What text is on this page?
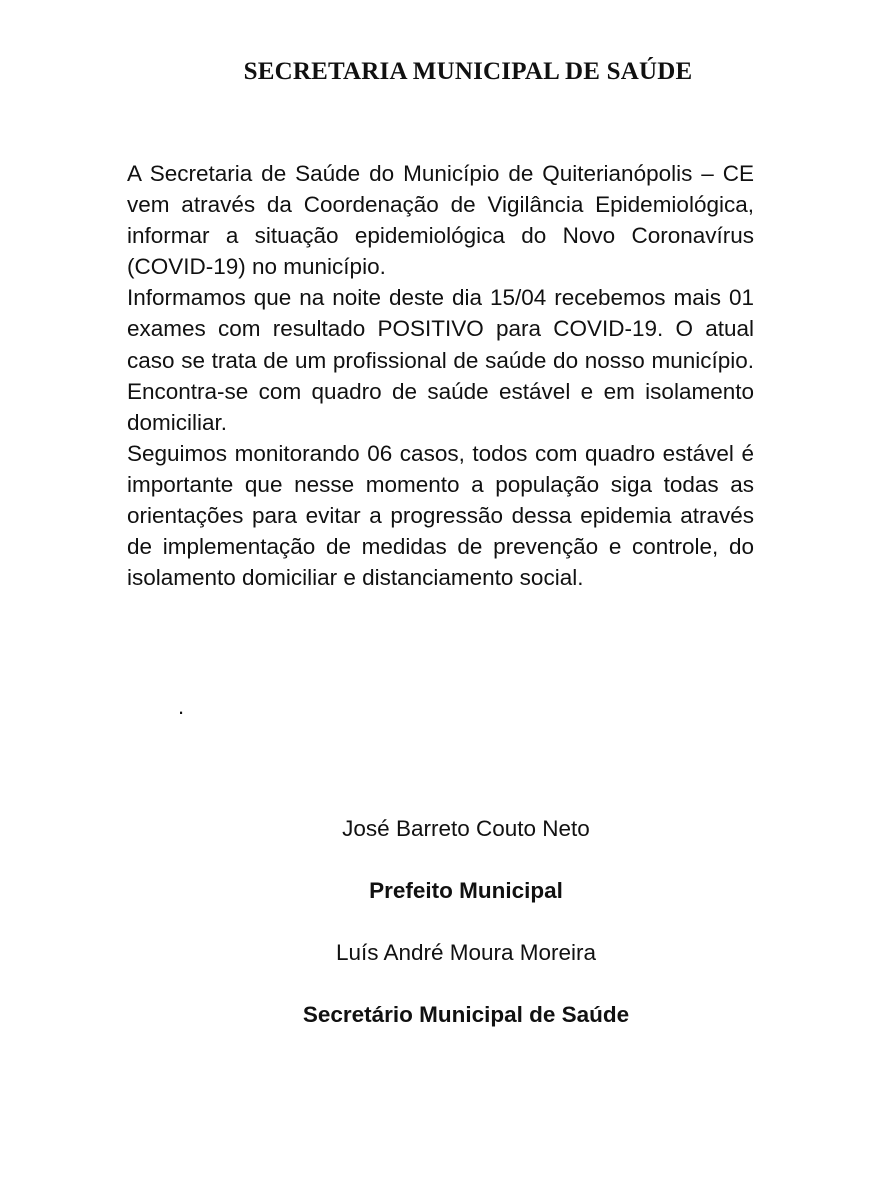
SECRETARIA MUNICIPAL DE SAÚDE

A Secretaria de Saúde do Município de Quiterianópolis – CE vem através da Coordenação de Vigilância Epidemiológica, informar a situação epidemiológica do Novo Coronavírus (COVID-19) no município.

Informamos que na noite deste dia 15/04 recebemos mais 01 exames com resultado POSITIVO para COVID-19. O atual caso se trata de um profissional de saúde do nosso município. Encontra-se com quadro de saúde estável e em isolamento domiciliar.

Seguimos monitorando 06 casos, todos com quadro estável é importante que nesse momento a população siga todas as orientações para evitar a progressão dessa epidemia através de implementação de medidas de prevenção e controle, do isolamento domiciliar e distanciamento social.

.

José Barreto Couto Neto

Prefeito Municipal

Luís André Moura Moreira

Secretário Municipal de Saúde
